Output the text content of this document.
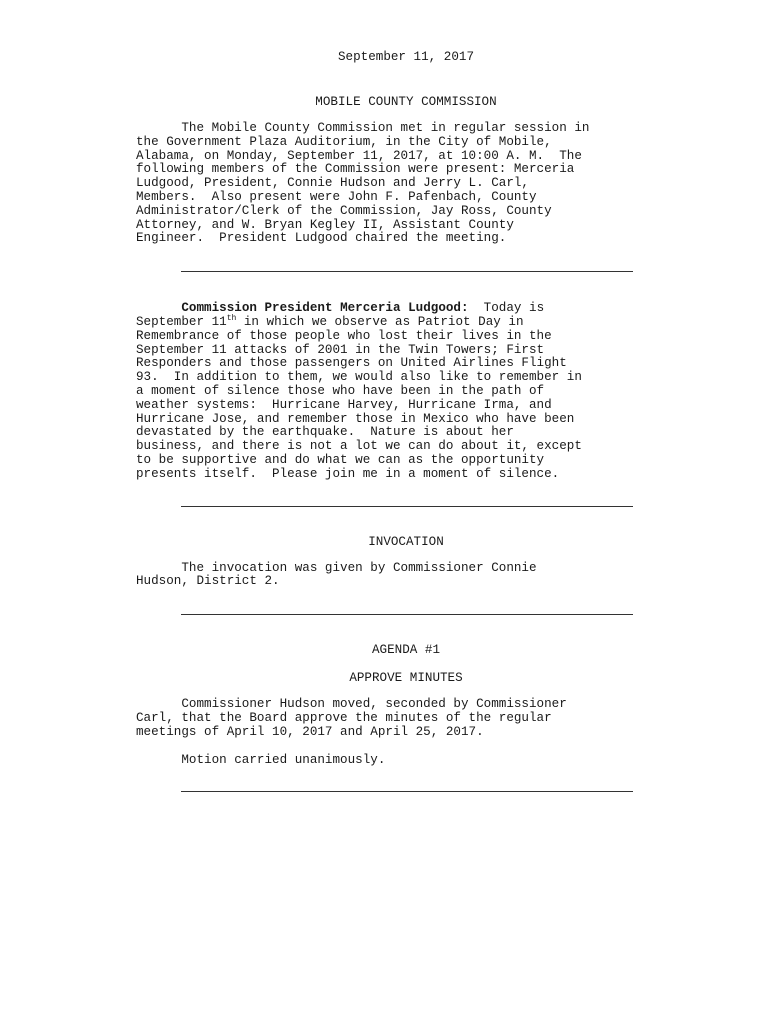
September 11, 2017

MOBILE COUNTY COMMISSION

The Mobile County Commission met in regular session in

the Government Plaza Auditorium, in the City of Mobile,

Alabama, on Monday, September 11, 2017, at 10:00 A. M.  The

following members of the Commission were present: Merceria

Ludgood, President, Connie Hudson and Jerry L. Carl,

Members.  Also present were John F. Pafenbach, County

Administrator/Clerk of the Commission, Jay Ross, County

Attorney, and W. Bryan Kegley II, Assistant County

Engineer.  President Ludgood chaired the meeting.

Commission President Merceria Ludgood:  Today is

September 11th in which we observe as Patriot Day in

Remembrance of those people who lost their lives in the

September 11 attacks of 2001 in the Twin Towers; First

Responders and those passengers on United Airlines Flight

93.  In addition to them, we would also like to remember in

a moment of silence those who have been in the path of

weather systems:  Hurricane Harvey, Hurricane Irma, and

Hurricane Jose, and remember those in Mexico who have been

devastated by the earthquake.  Nature is about her

business, and there is not a lot we can do about it, except

to be supportive and do what we can as the opportunity

presents itself.  Please join me in a moment of silence.

INVOCATION

The invocation was given by Commissioner Connie

Hudson, District 2.

AGENDA #1

APPROVE MINUTES

Commissioner Hudson moved, seconded by Commissioner

Carl, that the Board approve the minutes of the regular

meetings of April 10, 2017 and April 25, 2017.

Motion carried unanimously.
